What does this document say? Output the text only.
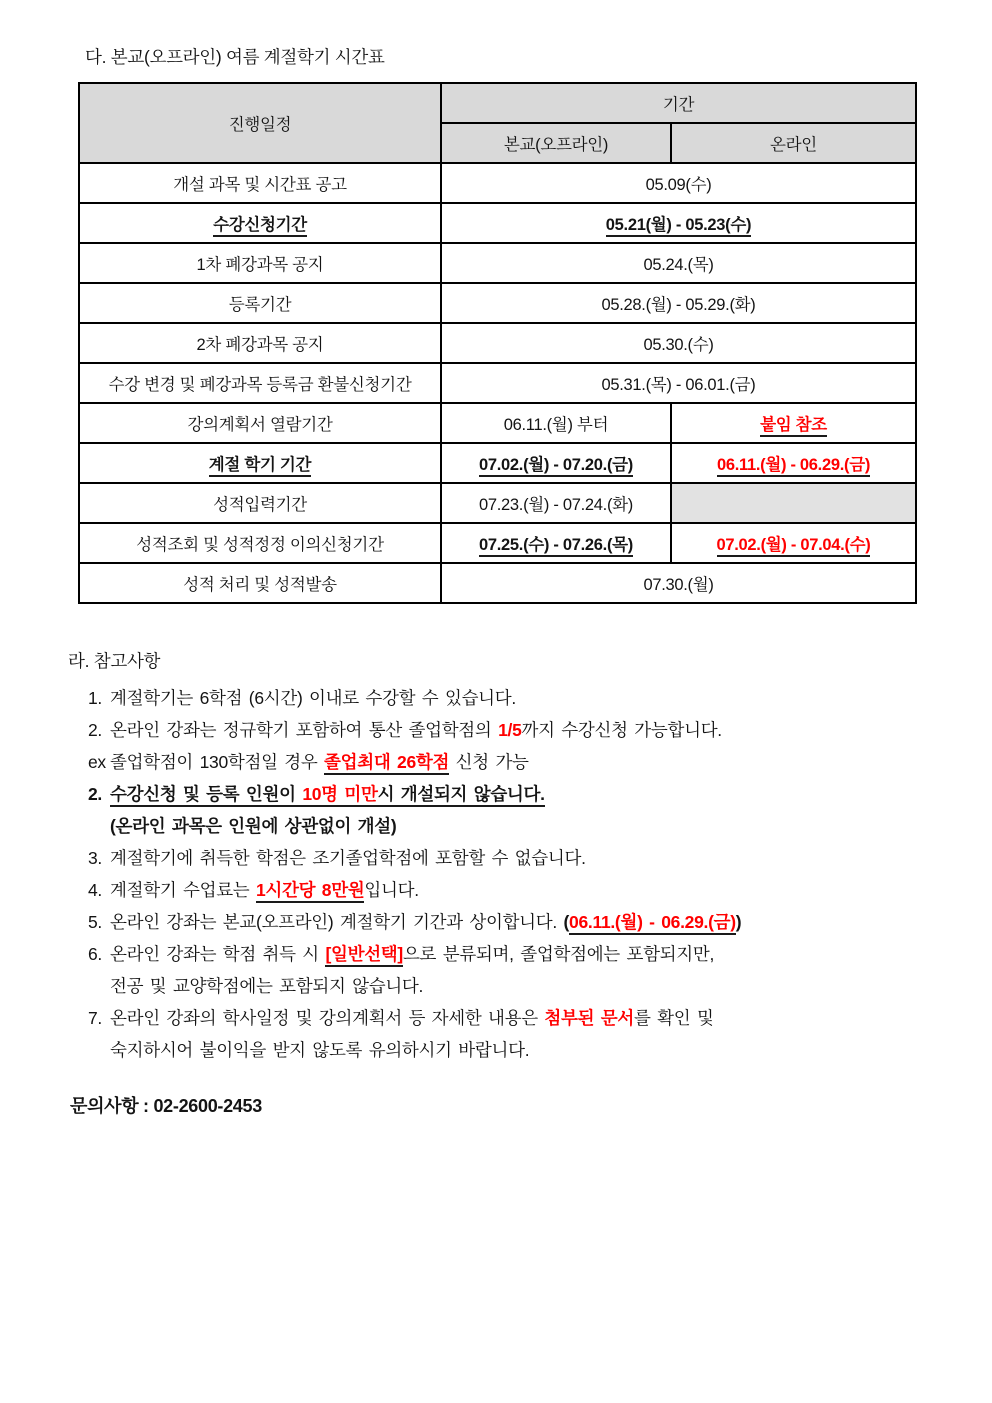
다. 본교(오프라인) 여름 계절학기 시간표
진행일정	기간	
	본교(오프라인)	온라인
개설 과목 및 시간표 공고	05.09(수)	
수강신청기간	05.21(월) - 05.23(수)	
1차 폐강과목 공지	05.24.(목)	
등록기간	05.28.(월) - 05.29.(화)	
2차 폐강과목 공지	05.30.(수)	
수강 변경 및 폐강과목 등록금 환불신청기간	05.31.(목) - 06.01.(금)	
강의계획서 열람기간	06.11.(월) 부터	붙임 참조
계절 학기 기간	07.02.(월) - 07.20.(금)	06.11.(월) - 06.29.(금)
성적입력기간	07.23.(월) - 07.24.(화)	
성적조회 및 성적정정 이의신청기간	07.25.(수) - 07.26.(목)	07.02.(월) - 07.04.(수)
성적 처리 및 성적발송	07.30.(월)	
라. 참고사항
1. 계절학기는 6학점 (6시간) 이내로 수강할 수 있습니다.
2. 온라인 강좌는 정규학기 포함하여 통산 졸업학점의 1/5까지 수강신청 가능합니다.
ex 졸업학점이 130학점일 경우 졸업최대 26학점 신청 가능
2. 수강신청 및 등록 인원이 10명 미만시 개설되지 않습니다.
(온라인 과목은 인원에 상관없이 개설)
3. 계절학기에 취득한 학점은 조기졸업학점에 포함할 수 없습니다.
4. 계절학기 수업료는 1시간당 8만원입니다.
5. 온라인 강좌는 본교(오프라인) 계절학기 기간과 상이합니다. (06.11.(월) - 06.29.(금))
6. 온라인 강좌는 학점 취득 시 [일반선택]으로 분류되며, 졸업학점에는 포함되지만,
전공 및 교양학점에는 포함되지 않습니다.
7. 온라인 강좌의 학사일정 및 강의계획서 등 자세한 내용은 첨부된 문서를 확인 및
숙지하시어 불이익을 받지 않도록 유의하시기 바랍니다.
문의사항 : 02-2600-2453
